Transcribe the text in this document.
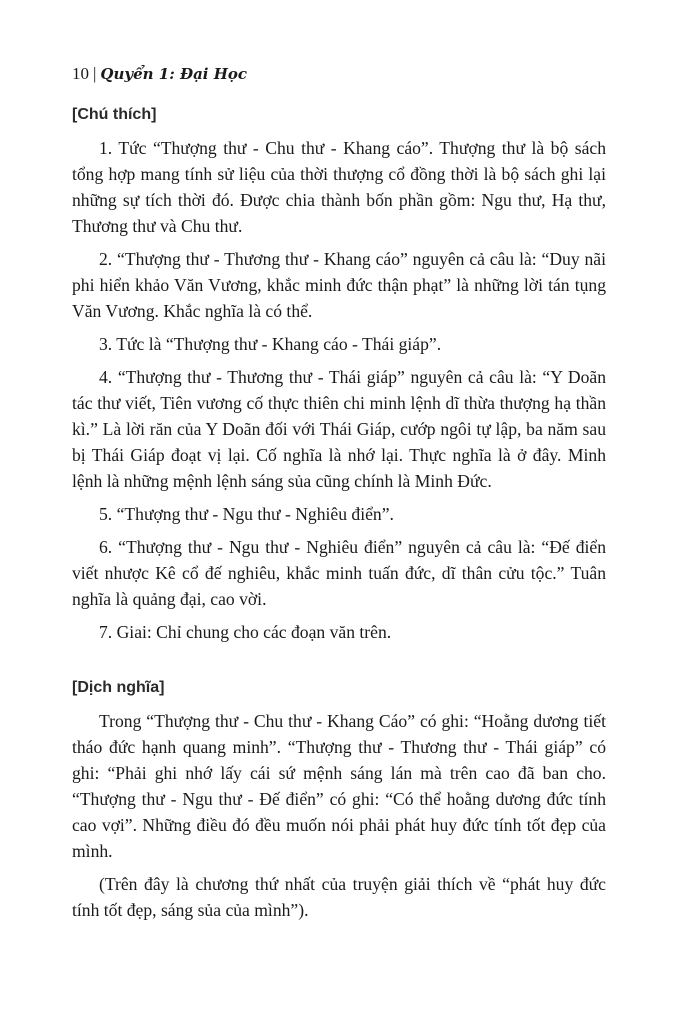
10 | Quyển 1: Đại Học
[Chú thích]

1. Tức “Thượng thư - Chu thư - Khang cáo”. Thượng thư là bộ sách tổng hợp mang tính sử liệu của thời thượng cổ đồng thời là bộ sách ghi lại những sự tích thời đó. Được chia thành bốn phần gồm: Ngu thư, Hạ thư, Thương thư và Chu thư.

2. “Thượng thư - Thương thư - Khang cáo” nguyên cả câu là: “Duy nãi phi hiển khảo Văn Vương, khắc minh đức thận phạt” là những lời tán tụng Văn Vương. Khắc nghĩa là có thể.

3. Tức là “Thượng thư - Khang cáo - Thái giáp”.

4. “Thượng thư - Thương thư - Thái giáp” nguyên cả câu là: “Y Doãn tác thư viết, Tiên vương cố thực thiên chi minh lệnh dĩ thừa thượng hạ thần kì.” Là lời răn của Y Doãn đối với Thái Giáp, cướp ngôi tự lập, ba năm sau bị Thái Giáp đoạt vị lại. Cố nghĩa là nhớ lại. Thực nghĩa là ở đây. Minh lệnh là những mệnh lệnh sáng sủa cũng chính là Minh Đức.

5. “Thượng thư - Ngu thư - Nghiêu điển”.

6. “Thượng thư - Ngu thư - Nghiêu điển” nguyên cả câu là: “Đế điển viết nhược Kê cổ đế nghiêu, khắc minh tuấn đức, dĩ thân cửu tộc.” Tuân nghĩa là quảng đại, cao vời.

7. Giai: Chỉ chung cho các đoạn văn trên.

[Dịch nghĩa]

Trong “Thượng thư - Chu thư - Khang Cáo” có ghi: “Hoằng dương tiết tháo đức hạnh quang minh”. “Thượng thư - Thương thư - Thái giáp” có ghi: “Phải ghi nhớ lấy cái sứ mệnh sáng lán mà trên cao đã ban cho. “Thượng thư - Ngu thư - Đế điển” có ghi: “Có thể hoằng dương đức tính cao vợi”. Những điều đó đều muốn nói phải phát huy đức tính tốt đẹp của mình.

(Trên đây là chương thứ nhất của truyện giải thích về “phát huy đức tính tốt đẹp, sáng sủa của mình”).
